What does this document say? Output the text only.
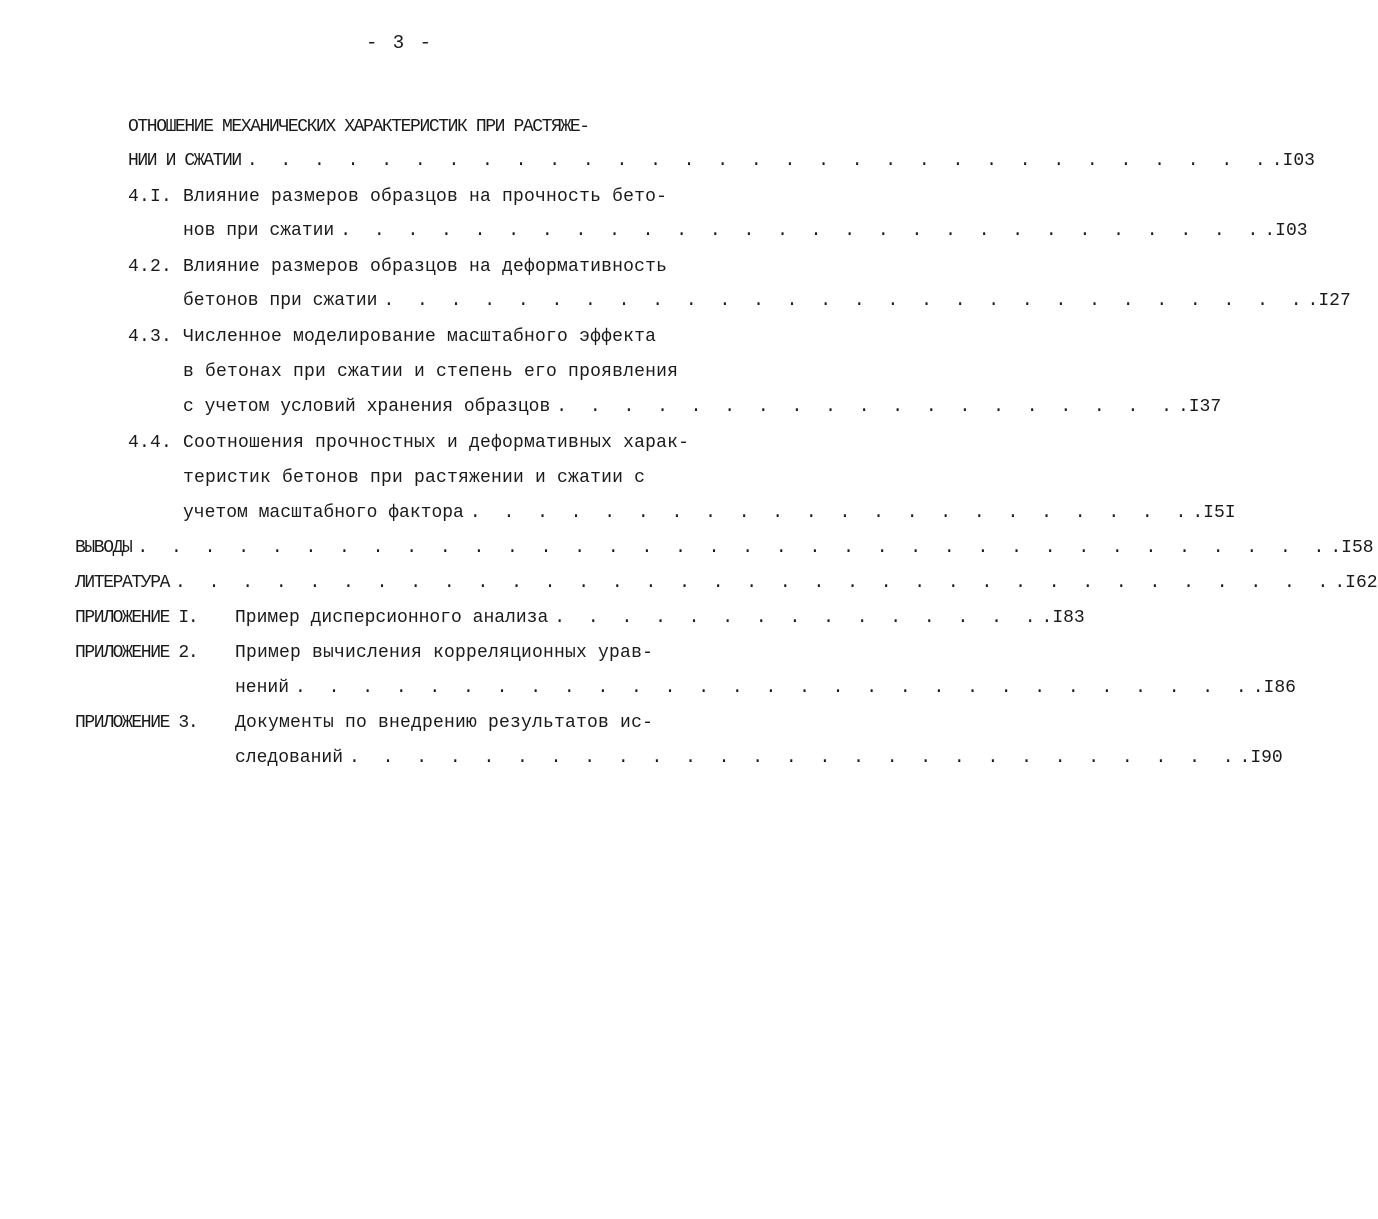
- 3 -
ОТНОШЕНИЕ МЕХАНИЧЕСКИХ ХАРАКТЕРИСТИК ПРИ РАСТЯЖЕ-
НИИ И СЖАТИИ . . . . . . . . . . . . . . . . . . . . . . . . . . . . . . . .I03
4.I. Влияние размеров образцов на прочность бето-
нов при сжатии . . . . . . . . . . . . . . . . . . . . . . . . . . . . .I03
4.2. Влияние размеров образцов на деформативность
бетонов при сжатии . . . . . . . . . . . . . . . . . . . . . . . . . . . . .I27
4.3. Численное моделирование масштабного эффекта
в бетонах при сжатии и степень его проявления
с учетом условий хранения образцов . . . . . . . . . . . . . . . . . . . .I37
4.4. Соотношения прочностных и деформативных харак-
теристик бетонов при растяжении и сжатии с
учетом масштабного фактора . . . . . . . . . . . . . . . . . . . . . . .I5I
ВЫВОДЫ . . . . . . . . . . . . . . . . . . . . . . . . . . . . . . . . . . . . .I58
ЛИТЕРАТУРА . . . . . . . . . . . . . . . . . . . . . . . . . . . . . . . . . . . .I62
ПРИЛОЖЕНИЕ I. Пример дисперсионного анализа . . . . . . . . . . . . . . . .I83
ПРИЛОЖЕНИЕ 2. Пример вычисления корреляционных урав-
нений . . . . . . . . . . . . . . . . . . . . . . . . . . . . . .I86
ПРИЛОЖЕНИЕ 3. Документы по внедрению результатов ис-
следований . . . . . . . . . . . . . . . . . . . . . . . . . . . .I90
